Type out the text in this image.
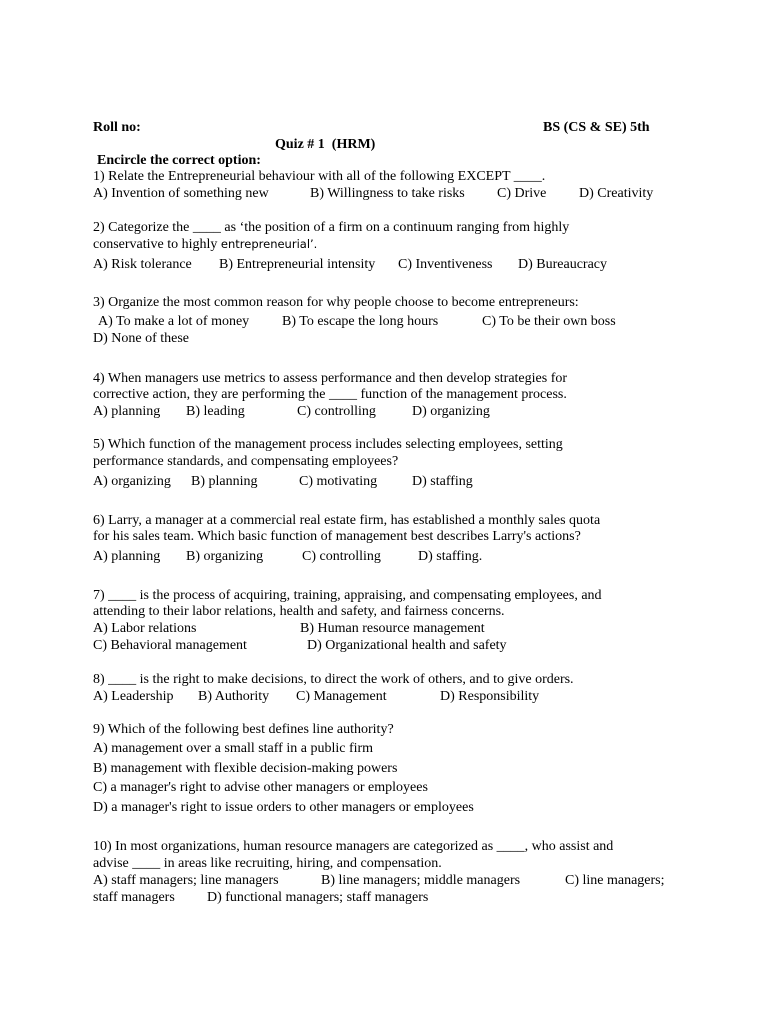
Roll no:	BS (CS & SE) 5th
Quiz # 1  (HRM)
Encircle the correct option:
1) Relate the Entrepreneurial behaviour with all of the following EXCEPT ____.
A) Invention of something new	B) Willingness to take risks C) Drive D) Creativity
2) Categorize the ____ as ‘the position of a firm on a continuum ranging from highly
conservative to highly entrepreneurial’.
A) Risk tolerance B) Entrepreneurial intensity C) Inventiveness D) Bureaucracy
3) Organize the most common reason for why people choose to become entrepreneurs:
A) To make a lot of money B) To escape the long hours	C) To be their own boss
D) None of these
4) When managers use metrics to assess performance and then develop strategies for
corrective action, they are performing the ____ function of the management process.
A) planning B) leading	C) controlling	D) organizing
5) Which function of the management process includes selecting employees, setting
performance standards, and compensating employees?
A) organizing B) planning	C) motivating D) staffing
6) Larry, a manager at a commercial real estate firm, has established a monthly sales quota
for his sales team. Which basic function of management best describes Larry's actions?
A) planning B) organizing	C) controlling	D) staffing.
7) ____ is the process of acquiring, training, appraising, and compensating employees, and
attending to their labor relations, health and safety, and fairness concerns.
A) Labor relations	B) Human resource management
C) Behavioral management	D) Organizational health and safety
8) ____ is the right to make decisions, to direct the work of others, and to give orders.
A) Leadership B) Authority C) Management	D) Responsibility
9) Which of the following best defines line authority?
A) management over a small staff in a public firm
B) management with flexible decision-making powers
C) a manager's right to advise other managers or employees
D) a manager's right to issue orders to other managers or employees
10) In most organizations, human resource managers are categorized as ____, who assist and
advise ____ in areas like recruiting, hiring, and compensation.
A) staff managers; line managers	B) line managers; middle managers	C) line managers;
staff managers D) functional managers; staff managers
